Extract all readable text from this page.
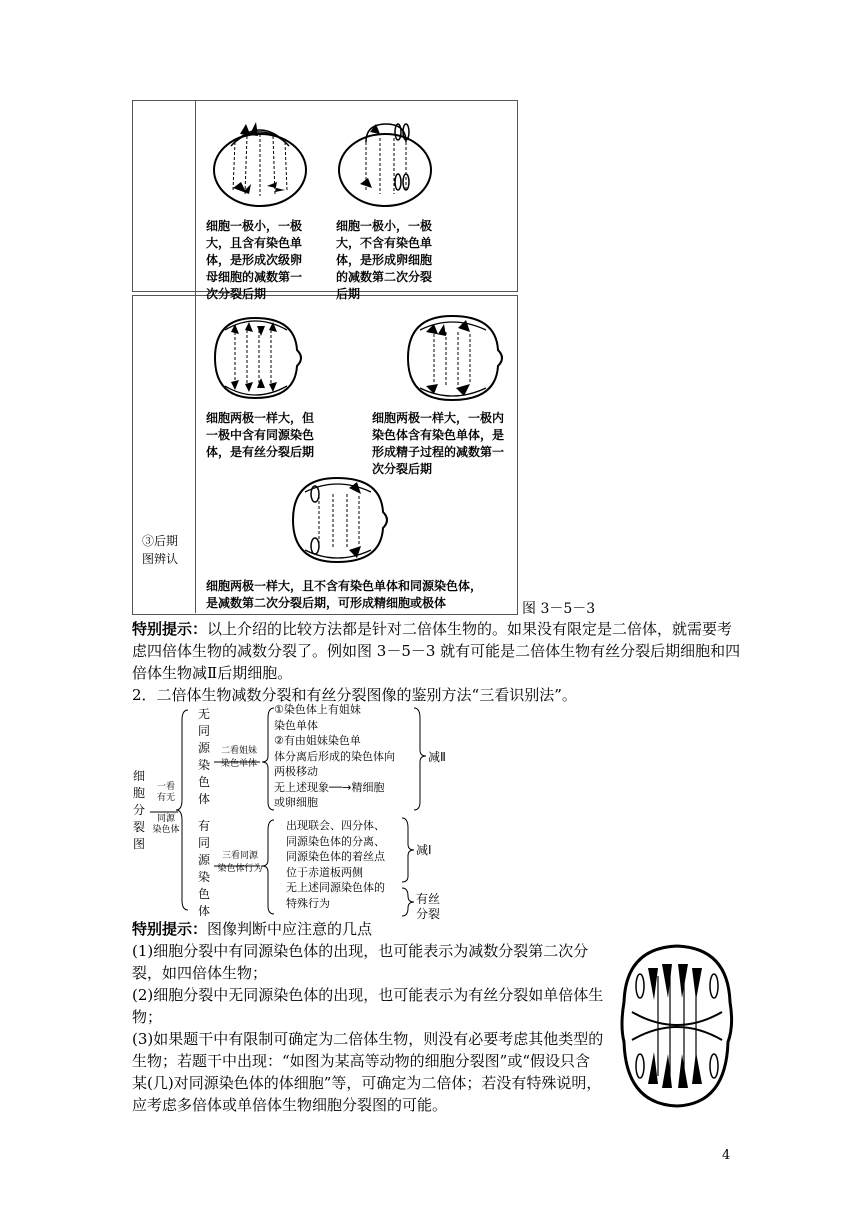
细胞一极小，一极
大，且含有染色单
体，是形成次级卵
母细胞的减数第一
次分裂后期
细胞一极小，一极
大，不含有染色单
体，是形成卵细胞
的减数第二次分裂
后期
细胞两极一样大，但
一极中含有同源染色
体，是有丝分裂后期
细胞两极一样大，一极内
染色体含有染色单体，是
形成精子过程的减数第一
次分裂后期
细胞两极一样大，且不含有染色单体和同源染色体，
是减数第二次分裂后期，可形成精细胞或极体
③后期
图辨认
图 3－5－3
特别提示：以上介绍的比较方法都是针对二倍体生物的。如果没有限定是二倍体，就需要考
虑四倍体生物的减数分裂了。例如图 3－5－3 就有可能是二倍体生物有丝分裂后期细胞和四
倍体生物减Ⅱ后期细胞。
2．二倍体生物减数分裂和有丝分裂图像的鉴别方法“三看识别法”。
细
胞
分
裂
图
一看
有无
同源
染色体
无
同
源
染
色
体
二看姐妹
染色单体
①染色体上有姐妹
染色单体
②有由姐妹染色单
体分离后形成的染色体向
两极移动
无上述现象──→精细胞
或卵细胞
减Ⅱ
有
同
源
染
色
体
三看同源
染色体行为
出现联会、四分体、
同源染色体的分离、
同源染色体的着丝点
位于赤道板两侧
无上述同源染色体的
特殊行为
减Ⅰ
有丝
分裂
特别提示：图像判断中应注意的几点
(1)细胞分裂中有同源染色体的出现，也可能表示为减数分裂第二次分
裂，如四倍体生物；
(2)细胞分裂中无同源染色体的出现，也可能表示为有丝分裂如单倍体生
物；
(3)如果题干中有限制可确定为二倍体生物，则没有必要考虑其他类型的
生物；若题干中出现：“如图为某高等动物的细胞分裂图”或“假设只含
某(几)对同源染色体的体细胞”等，可确定为二倍体；若没有特殊说明，
应考虑多倍体或单倍体生物细胞分裂图的可能。
4
